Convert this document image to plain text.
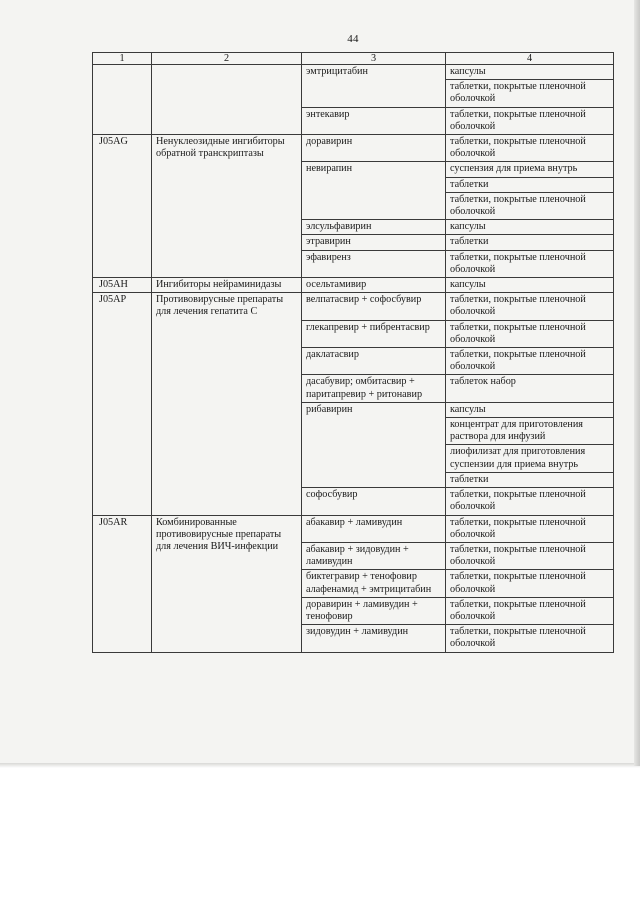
44
1	2	3	4
		эмтрицитабин	капсулы
			таблетки, покрытые пленочной оболочкой
		энтекавир	таблетки, покрытые пленочной оболочкой
J05AG	Ненуклеозидные ингибиторы обратной транскриптазы	доравирин	таблетки, покрытые пленочной оболочкой
		невирапин	суспензия для приема внутрь
			таблетки
			таблетки, покрытые пленочной оболочкой
		элсульфавирин	капсулы
		этравирин	таблетки
		эфавиренз	таблетки, покрытые пленочной оболочкой
J05AH	Ингибиторы нейраминидазы	осельтамивир	капсулы
J05AP	Противовирусные препараты для лечения гепатита С	велпатасвир + софосбувир	таблетки, покрытые пленочной оболочкой
		глекапревир + пибрентасвир	таблетки, покрытые пленочной оболочкой
		даклатасвир	таблетки, покрытые пленочной оболочкой
		дасабувир; омбитасвир + паритапревир + ритонавир	таблеток набор
		рибавирин	капсулы
			концентрат для приготовления раствора для инфузий
			лиофилизат для приготовления суспензии для приема внутрь
			таблетки
		софосбувир	таблетки, покрытые пленочной оболочкой
J05AR	Комбинированные противовирусные препараты для лечения ВИЧ-инфекции	абакавир + ламивудин	таблетки, покрытые пленочной оболочкой
		абакавир + зидовудин + ламивудин	таблетки, покрытые пленочной оболочкой
		биктегравир + тенофовир алафенамид + эмтрицитабин	таблетки, покрытые пленочной оболочкой
		доравирин + ламивудин + тенофовир	таблетки, покрытые пленочной оболочкой
		зидовудин + ламивудин	таблетки, покрытые пленочной оболочкой
